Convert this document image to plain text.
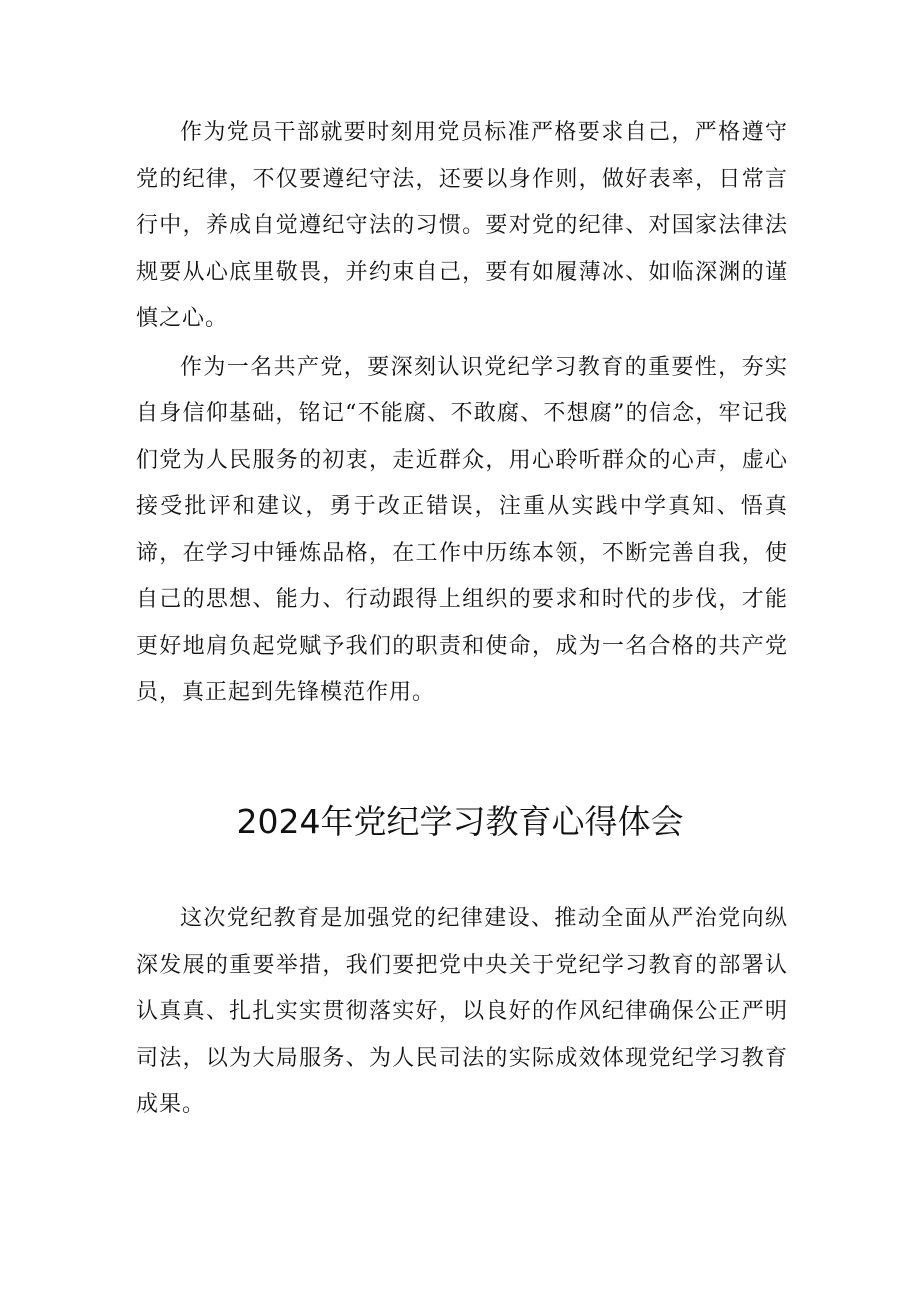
作为党员干部就要时刻用党员标准严格要求自己，严格遵守党的纪律，不仅要遵纪守法，还要以身作则，做好表率，日常言行中，养成自觉遵纪守法的习惯。要对党的纪律、对国家法律法规要从心底里敬畏，并约束自己，要有如履薄冰、如临深渊的谨慎之心。

作为一名共产党，要深刻认识党纪学习教育的重要性，夯实自身信仰基础，铭记“不能腐、不敢腐、不想腐”的信念，牢记我们党为人民服务的初衷，走近群众，用心聆听群众的心声，虚心接受批评和建议，勇于改正错误，注重从实践中学真知、悟真谛，在学习中锤炼品格，在工作中历练本领，不断完善自我，使自己的思想、能力、行动跟得上组织的要求和时代的步伐，才能更好地肩负起党赋予我们的职责和使命，成为一名合格的共产党员，真正起到先锋模范作用。

2024年党纪学习教育心得体会

这次党纪教育是加强党的纪律建设、推动全面从严治党向纵深发展的重要举措，我们要把党中央关于党纪学习教育的部署认认真真、扎扎实实贯彻落实好，以良好的作风纪律确保公正严明司法，以为大局服务、为人民司法的实际成效体现党纪学习教育成果。
